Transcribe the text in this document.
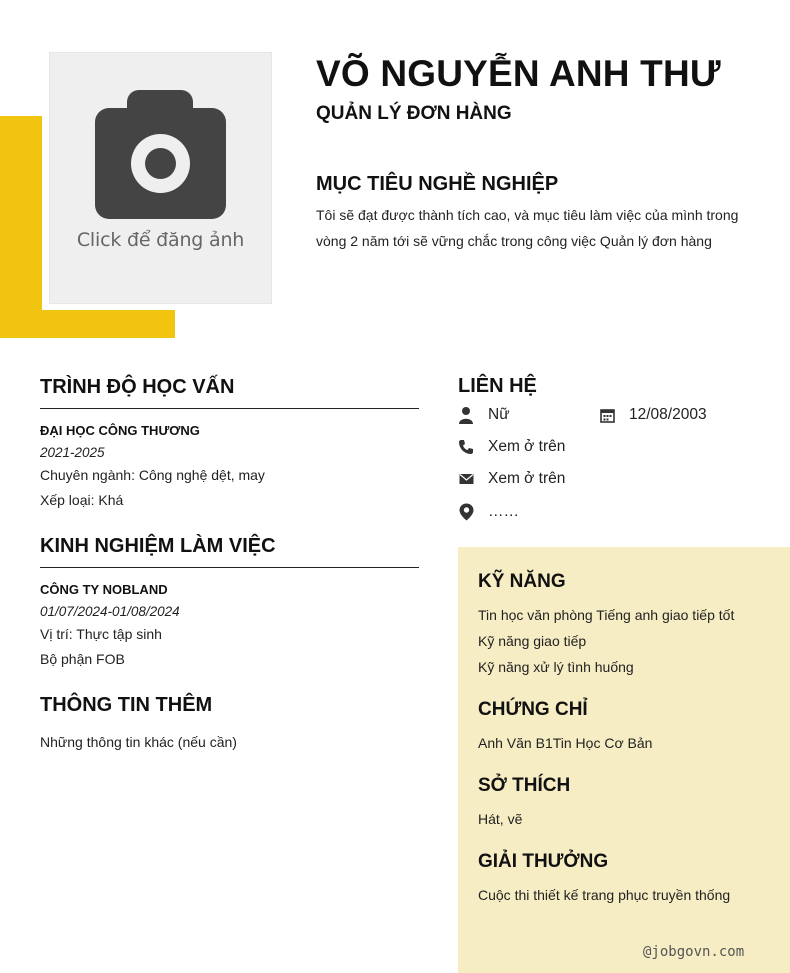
Click để đăng ảnh
VÕ NGUYỄN ANH THƯ
QUẢN LÝ ĐƠN HÀNG
MỤC TIÊU NGHỀ NGHIỆP
Tôi sẽ đạt được thành tích cao, và mục tiêu làm việc của mình trong vòng 2 năm tới sẽ vững chắc trong công việc Quản lý đơn hàng
TRÌNH ĐỘ HỌC VẤN
ĐẠI HỌC CÔNG THƯƠNG
2021-2025
Chuyên ngành: Công nghệ dệt, may
Xếp loại: Khá
KINH NGHIỆM LÀM VIỆC
CÔNG TY NOBLAND
01/07/2024-01/08/2024
Vị trí: Thực tập sinh
Bộ phận FOB
THÔNG TIN THÊM
Những thông tin khác (nếu cần)
LIÊN HỆ
Nữ	12/08/2003
Xem ở trên
Xem ở trên
……
KỸ NĂNG
Tin học văn phòng Tiếng anh giao tiếp tốt
Kỹ năng giao tiếp
Kỹ năng xử lý tình huống
CHỨNG CHỈ
Anh Văn B1Tin Học Cơ Bản
SỞ THÍCH
Hát, vẽ
GIẢI THƯỞNG
Cuộc thi thiết kế trang phục truyền thống
@jobgovn.com
